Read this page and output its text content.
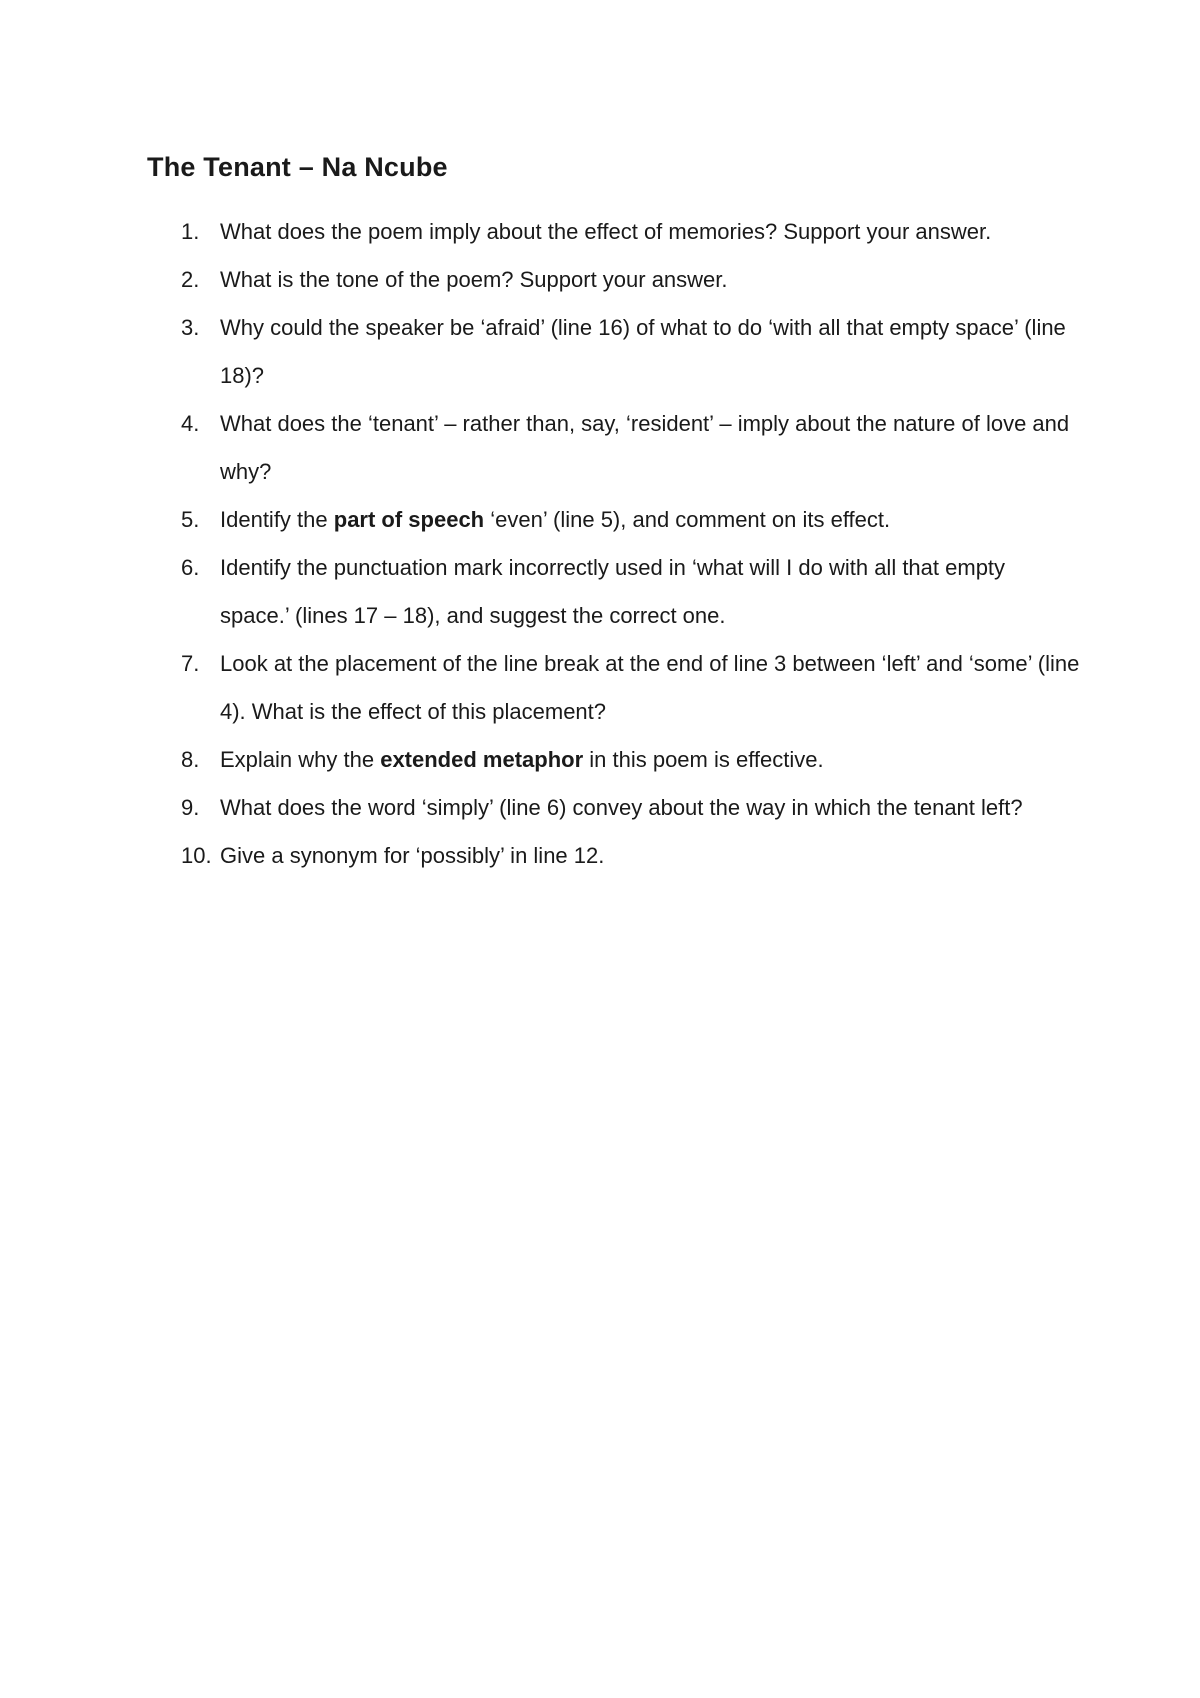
The Tenant – Na Ncube
1. What does the poem imply about the effect of memories? Support your answer.
2. What is the tone of the poem? Support your answer.
3. Why could the speaker be ‘afraid’ (line 16) of what to do ‘with all that empty space’ (line 18)?
4. What does the ‘tenant’ – rather than, say, ‘resident’ – imply about the nature of love and why?
5. Identify the part of speech ‘even’ (line 5), and comment on its effect.
6. Identify the punctuation mark incorrectly used in ‘what will I do with all that empty space.’ (lines 17 – 18), and suggest the correct one.
7. Look at the placement of the line break at the end of line 3 between ‘left’ and ‘some’ (line 4). What is the effect of this placement?
8. Explain why the extended metaphor in this poem is effective.
9. What does the word ‘simply’ (line 6) convey about the way in which the tenant left?
10. Give a synonym for ‘possibly’ in line 12.
